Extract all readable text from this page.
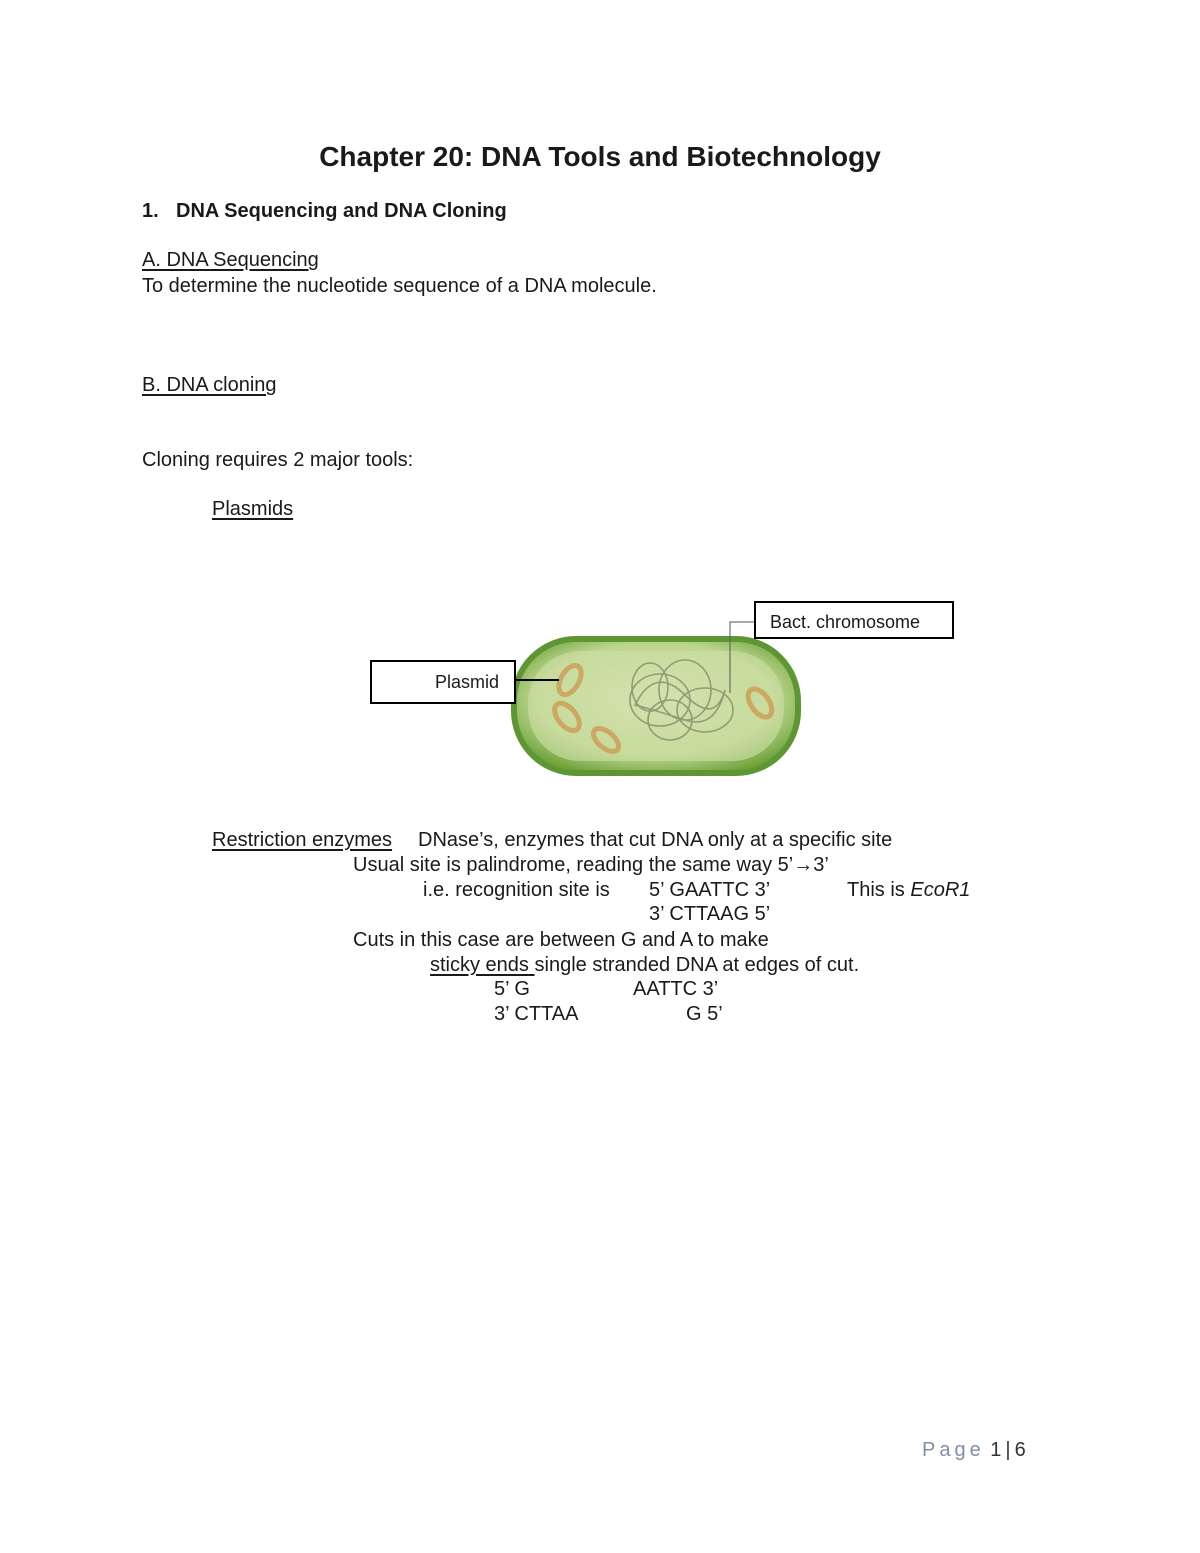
Chapter 20: DNA Tools and Biotechnology
1. DNA Sequencing and DNA Cloning
A. DNA Sequencing
To determine the nucleotide sequence of a DNA molecule.
B. DNA cloning
Cloning requires 2 major tools:
Plasmids
Plasmid
Bact. chromosome
Restriction enzymes DNase’s, enzymes that cut DNA only at a specific site
Usual site is palindrome, reading the same way 5’→3’
i.e. recognition site is 5’ GAATTC 3’	This is EcoR1
3’ CTTAAG 5’
Cuts in this case are between G and A to make
sticky ends single stranded DNA at edges of cut.
5’ G	AATTC 3’
3’ CTTAA	G 5’
Page 1 | 6
